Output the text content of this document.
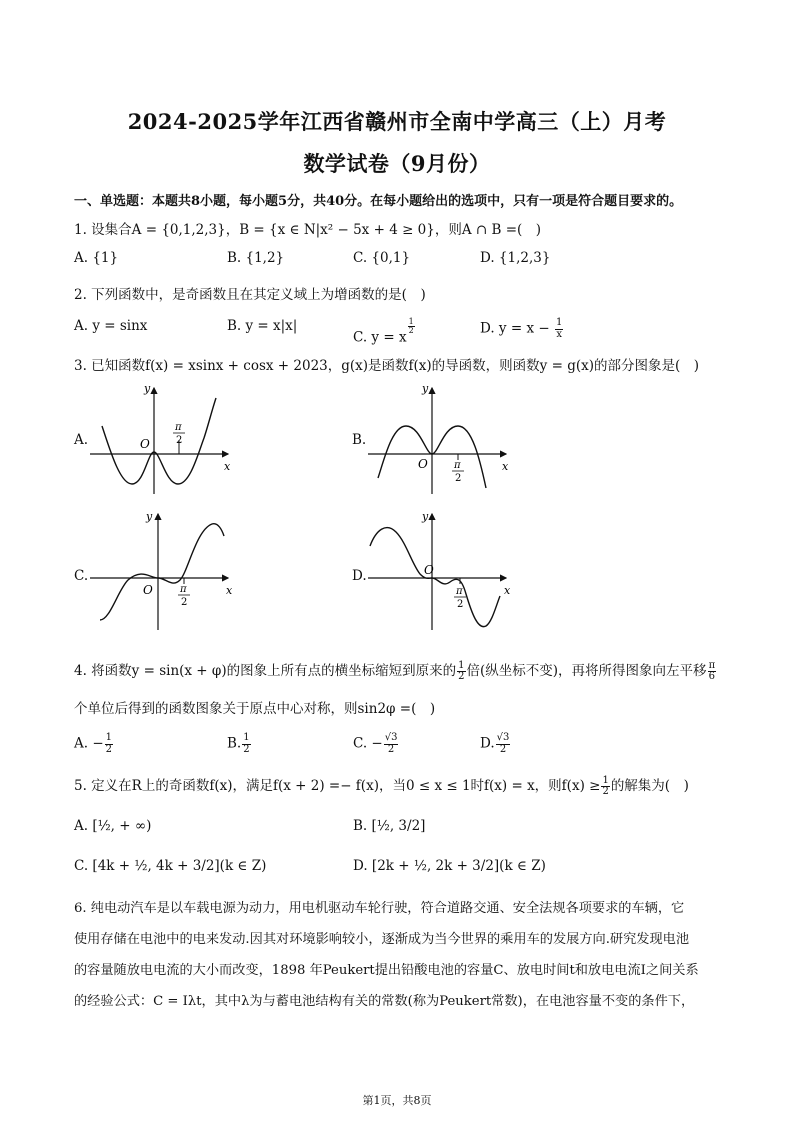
2024-2025学年江西省赣州市全南中学高三（上）月考
数学试卷（9月份）
一、单选题：本题共8小题，每小题5分，共40分。在每小题给出的选项中，只有一项是符合题目要求的。
1. 设集合A = {0,1,2,3}，B = {x ∈ N|x² − 5x + 4 ≥ 0}，则A ∩ B =(　)
A. {1}	B. {1,2}	C. {0,1}	D. {1,2,3}
2. 下列函数中，是奇函数且在其定义域上为增函数的是(　)
A. y = sinx	B. y = x|x|
C. y = x
$\frac{1}{2}$	D. $y = x - \frac{1}{x}$
3. 已知函数f(x) = xsinx + cosx + 2023，g(x)是函数f(x)的导函数，则函数y = g(x)的部分图象是(　)
A.	B.
C.	D.
y
x
O
π
2
y
x
O	π
2
y
x
O	π
2
y
x
O
π
2
4. 将函数y = sin(x + φ)的图象上所有点的横坐标缩短到原来的 $\frac{1}{2}$ 倍(纵坐标不变)，再将所得图象向左平移 $\frac{\pi}{6}$
个单位后得到的函数图象关于原点中心对称，则sin2φ =(　)
A. − $\frac{1}{2}$	B. $\frac{1}{2}$	C. − $\frac{√3}{2}$	D. $\frac{√3}{2}$
5. 定义在R上的奇函数f(x)，满足f(x + 2) =− f(x)，当0 ≤ x ≤ 1时f(x) = x，则$f(x) \ge \frac{1}{2}$ 的解集为(　)
A. [½, + ∞)	B. [½, 3/2]
C. [4k + ½, 4k + 3/2](k ∈ Z)	D. [2k + ½, 2k + 3/2](k ∈ Z)
6. 纯电动汽车是以车载电源为动力，用电机驱动车轮行驶，符合道路交通、安全法规各项要求的车辆，它
使用存储在电池中的电来发动.因其对环境影响较小，逐渐成为当今世界的乘用车的发展方向.研究发现电池
的容量随放电电流的大小而改变，1898 年Peukert提出铅酸电池的容量C、放电时间t和放电电流I之间关系
的经验公式：C = Iλt，其中λ为与蓄电池结构有关的常数(称为Peukert常数)，在电池容量不变的条件下，
第1页，共8页
